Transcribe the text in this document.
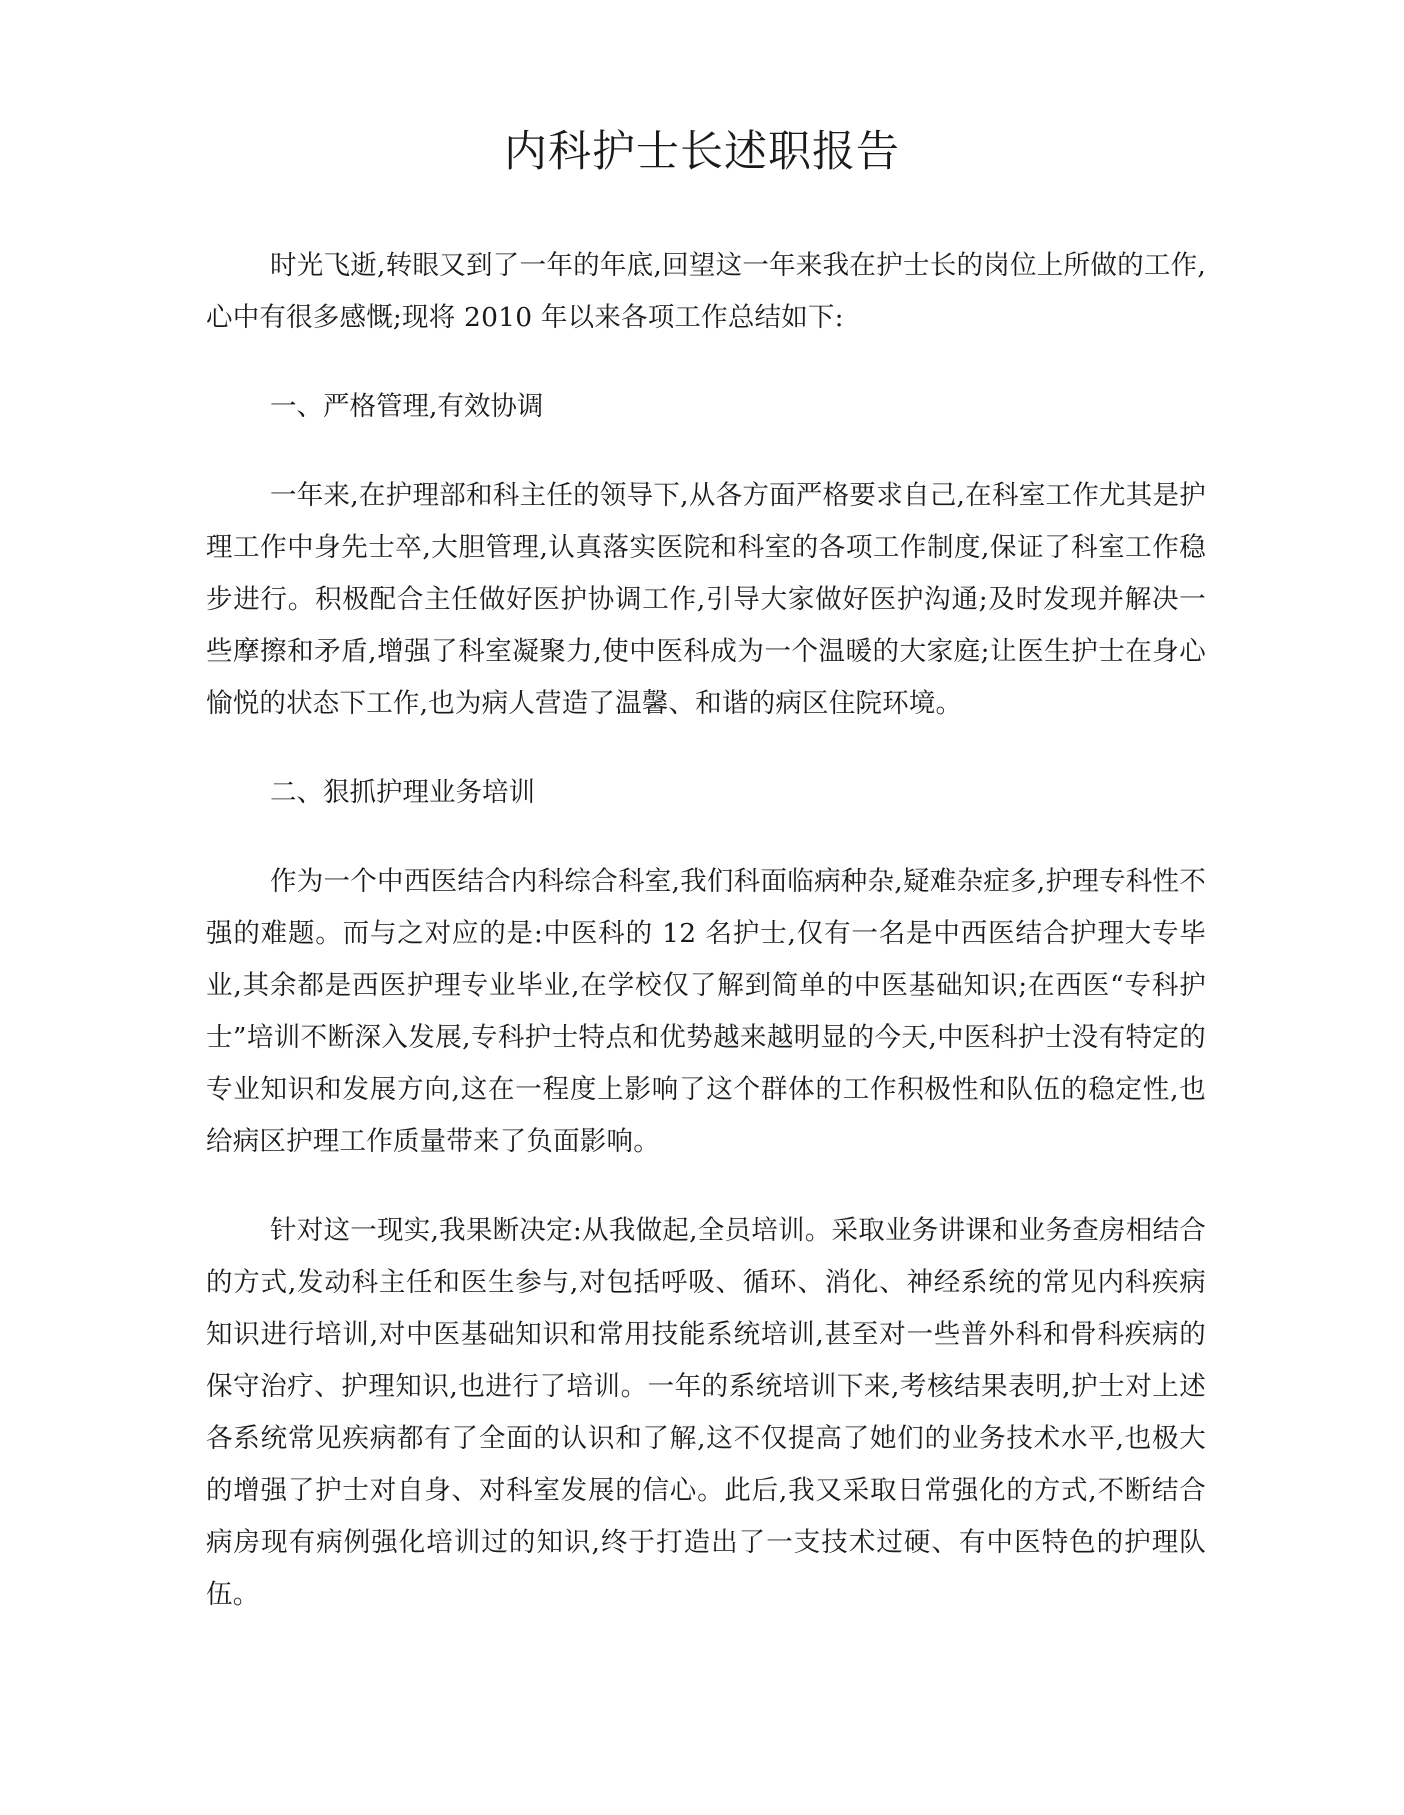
内科护士长述职报告

时光飞逝,转眼又到了一年的年底,回望这一年来我在护士长的岗位上所做的工作,心中有很多感慨;现将 2010 年以来各项工作总结如下:

一、严格管理,有效协调

一年来,在护理部和科主任的领导下,从各方面严格要求自己,在科室工作尤其是护理工作中身先士卒,大胆管理,认真落实医院和科室的各项工作制度,保证了科室工作稳步进行。积极配合主任做好医护协调工作,引导大家做好医护沟通;及时发现并解决一些摩擦和矛盾,增强了科室凝聚力,使中医科成为一个温暖的大家庭;让医生护士在身心愉悦的状态下工作,也为病人营造了温馨、和谐的病区住院环境。

二、狠抓护理业务培训

作为一个中西医结合内科综合科室,我们科面临病种杂,疑难杂症多,护理专科性不强的难题。而与之对应的是:中医科的 12 名护士,仅有一名是中西医结合护理大专毕业,其余都是西医护理专业毕业,在学校仅了解到简单的中医基础知识;在西医“专科护士”培训不断深入发展,专科护士特点和优势越来越明显的今天,中医科护士没有特定的专业知识和发展方向,这在一程度上影响了这个群体的工作积极性和队伍的稳定性,也给病区护理工作质量带来了负面影响。

针对这一现实,我果断决定:从我做起,全员培训。采取业务讲课和业务查房相结合的方式,发动科主任和医生参与,对包括呼吸、循环、消化、神经系统的常见内科疾病知识进行培训,对中医基础知识和常用技能系统培训,甚至对一些普外科和骨科疾病的保守治疗、护理知识,也进行了培训。一年的系统培训下来,考核结果表明,护士对上述各系统常见疾病都有了全面的认识和了解,这不仅提高了她们的业务技术水平,也极大的增强了护士对自身、对科室发展的信心。此后,我又采取日常强化的方式,不断结合病房现有病例强化培训过的知识,终于打造出了一支技术过硬、有中医特色的护理队伍。
